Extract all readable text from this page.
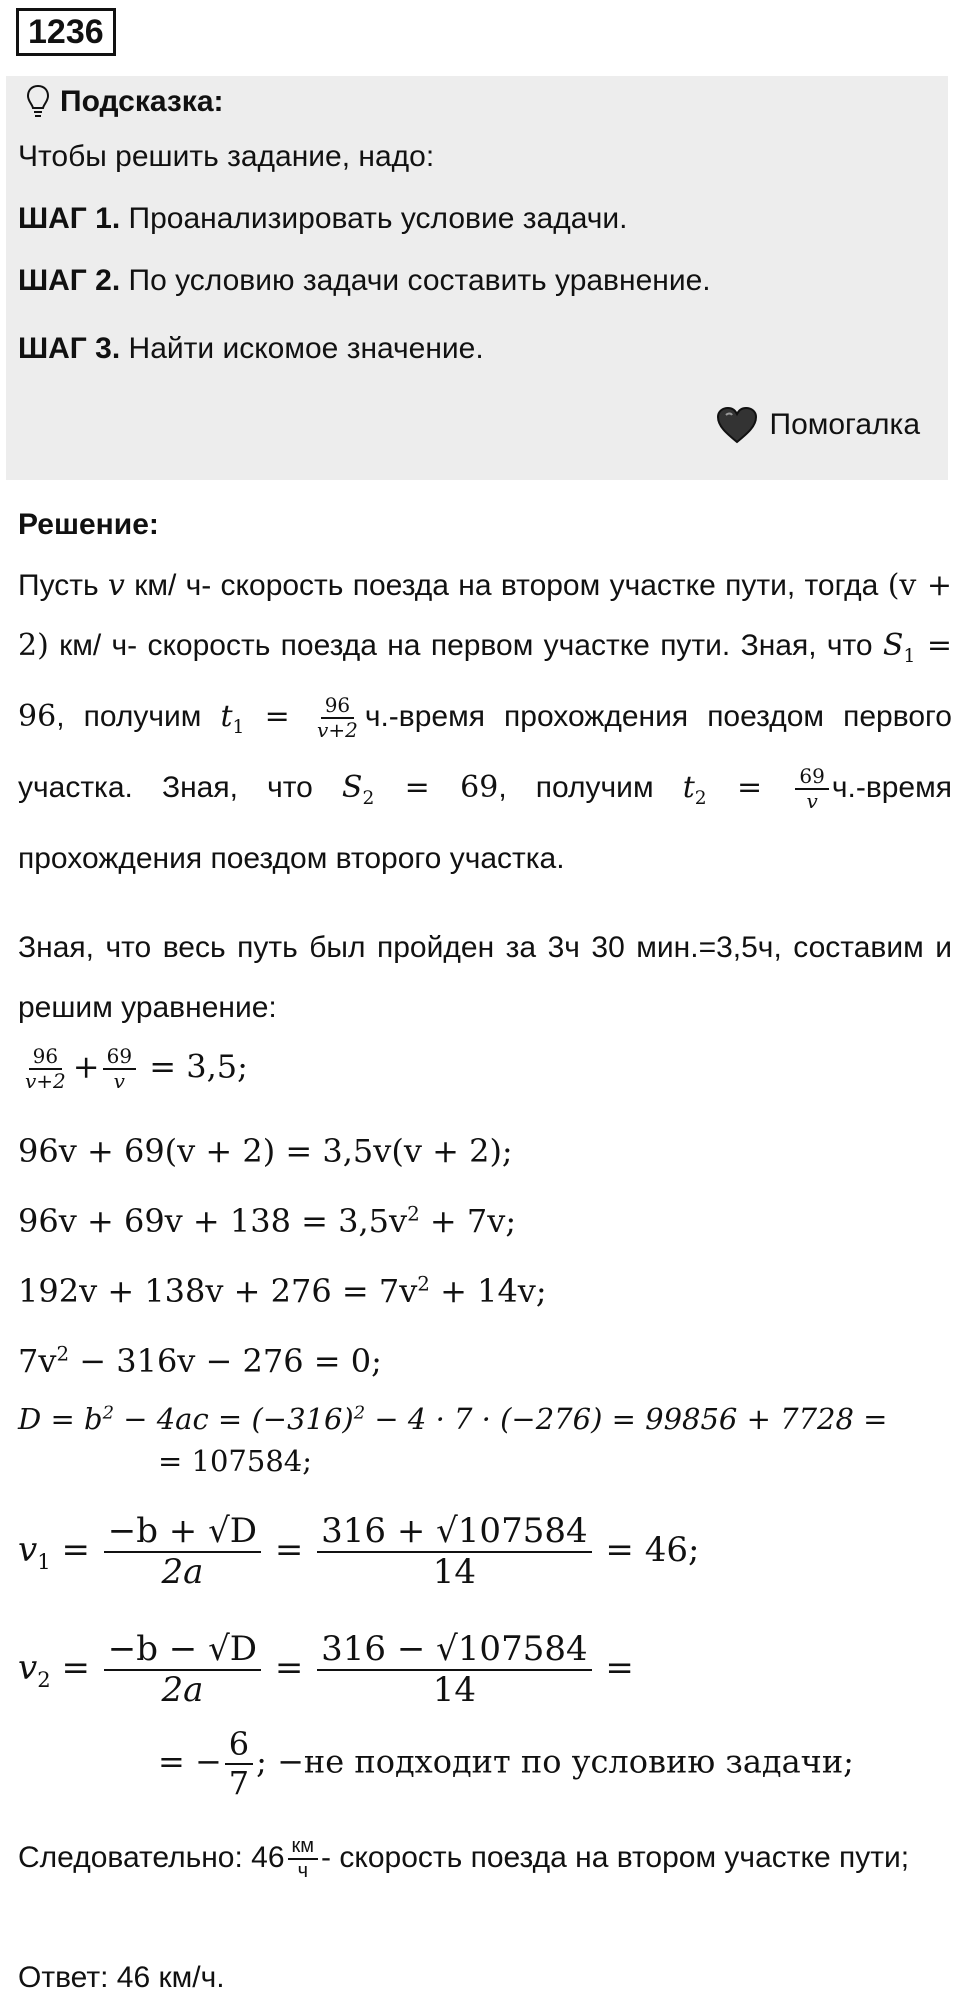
1236
Подсказка:
Чтобы решить задание, надо:
ШАГ 1. Проанализировать условие задачи.
ШАГ 2. По условию задачи составить уравнение.
ШАГ 3. Найти искомое значение.
Помогалка
Решение:
Пусть v км/ ч- скорость поезда на втором участке пути, тогда (v + 2) км/ ч- скорость поезда на первом участке пути. Зная, что $S_1 = 96$, получим $t_1 = \frac{96}{v+2}$ ч.-время прохождения поездом первого участка. Зная, что $S_2 = 69$, получим $t_2 = \frac{69}{v}$ ч.-время прохождения поездом второго участка.
Зная, что весь путь был пройден за 3ч 30 мин.=3,5ч, составим и решим уравнение:
$\frac{96}{v+2} + \frac{69}{v} = 3,5$;
96v + 69(v + 2) = 3,5v(v + 2);
$96v + 69v + 138 = 3,5v^2 + 7v$;
$192v + 138v + 276 = 7v^2 + 14v$;
$7v^2 - 316v - 276 = 0$;
$D = b^2 - 4ac = (-316)^2 - 4 \cdot 7 \cdot (-276) = 99856 + 7728$ =
= 107584;
$v_1 = \frac{-b + √D}{2a} = \frac{316 + √107584}{14} = 46$;
$v_2 = \frac{-b - √D}{2a} = \frac{316 - √107584}{14}$ =
= − $\frac{6}{7}$ ; −не подходит по условию задачи;
Следовательно: $46 \frac{км}{ч}$ - скорость поезда на втором участке пути;
Ответ: 46 км/ч.
